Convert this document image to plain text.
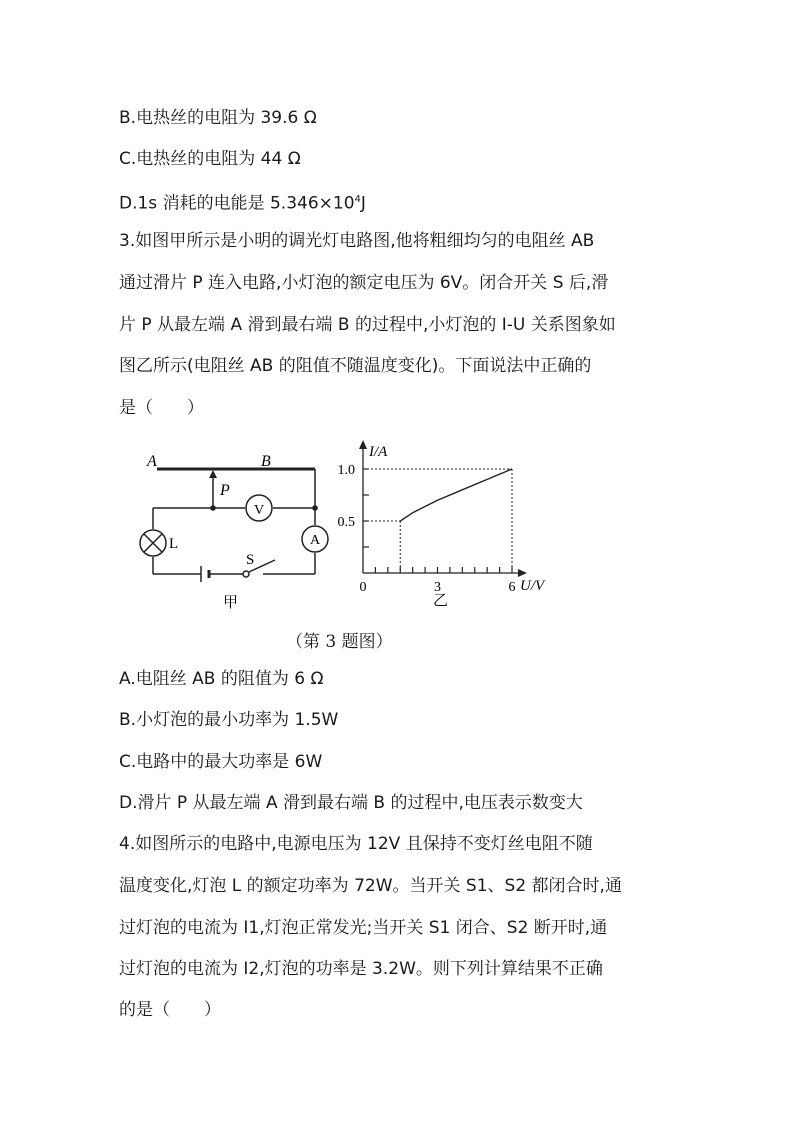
B.电热丝的电阻为 39.6 Ω
C.电热丝的电阻为 44 Ω
D.1s 消耗的电能是 $5.346\times 10^4J$
3.如图甲所示是小明的调光灯电路图,他将粗细均匀的电阻丝 AB
通过滑片 P 连入电路,小灯泡的额定电压为 6V。闭合开关 S 后,滑
片 P 从最左端 A 滑到最右端 B 的过程中,小灯泡的 I-U 关系图象如
图乙所示(电阻丝 AB 的阻值不随温度变化)。下面说法中正确的
是（　　）
A	B
P
V
A
L
S
甲
1.0
0.5
0	3	6
I/A
U/V
乙
（第 3 题图）
A.电阻丝 AB 的阻值为 6 Ω
B.小灯泡的最小功率为 1.5W
C.电路中的最大功率是 6W
D.滑片 P 从最左端 A 滑到最右端 B 的过程中,电压表示数变大
4.如图所示的电路中,电源电压为 12V 且保持不变灯丝电阻不随
温度变化,灯泡 L 的额定功率为 72W。当开关 S1、S2 都闭合时,通
过灯泡的电流为 I1,灯泡正常发光;当开关 S1 闭合、S2 断开时,通
过灯泡的电流为 I2,灯泡的功率是 3.2W。则下列计算结果不正确
的是（　　）
